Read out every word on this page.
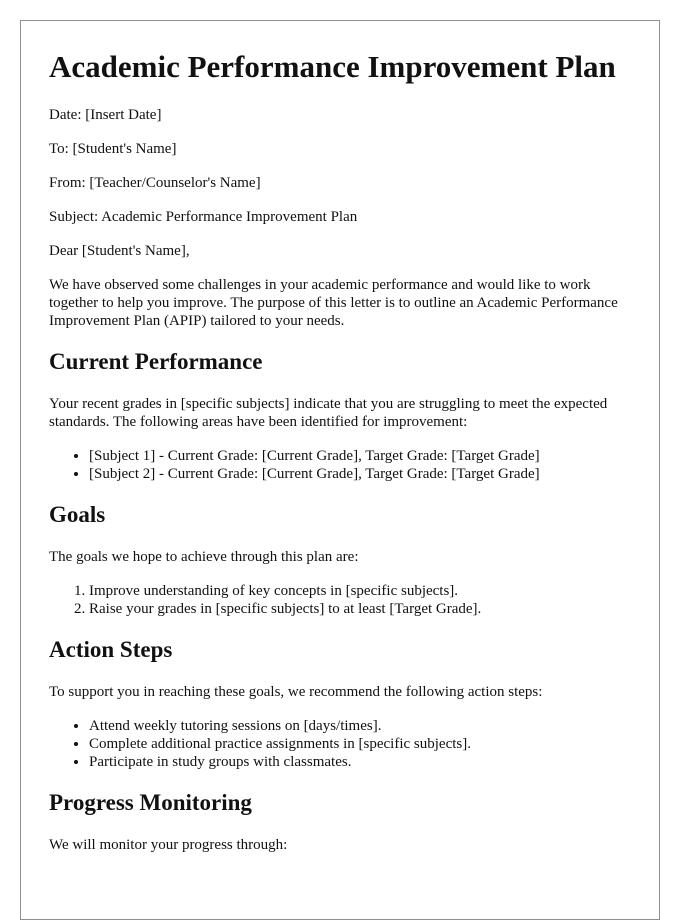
Academic Performance Improvement Plan

Date: [Insert Date]

To: [Student's Name]

From: [Teacher/Counselor's Name]

Subject: Academic Performance Improvement Plan

Dear [Student's Name],

We have observed some challenges in your academic performance and would like to work together to help you improve. The purpose of this letter is to outline an Academic Performance Improvement Plan (APIP) tailored to your needs.

Current Performance

Your recent grades in [specific subjects] indicate that you are struggling to meet the expected standards. The following areas have been identified for improvement:

• [Subject 1] - Current Grade: [Current Grade], Target Grade: [Target Grade]
• [Subject 2] - Current Grade: [Current Grade], Target Grade: [Target Grade]
Goals

The goals we hope to achieve through this plan are:

1. Improve understanding of key concepts in [specific subjects].
2. Raise your grades in [specific subjects] to at least [Target Grade].
Action Steps

To support you in reaching these goals, we recommend the following action steps:

• Attend weekly tutoring sessions on [days/times].
• Complete additional practice assignments in [specific subjects].
• Participate in study groups with classmates.
Progress Monitoring

We will monitor your progress through:
